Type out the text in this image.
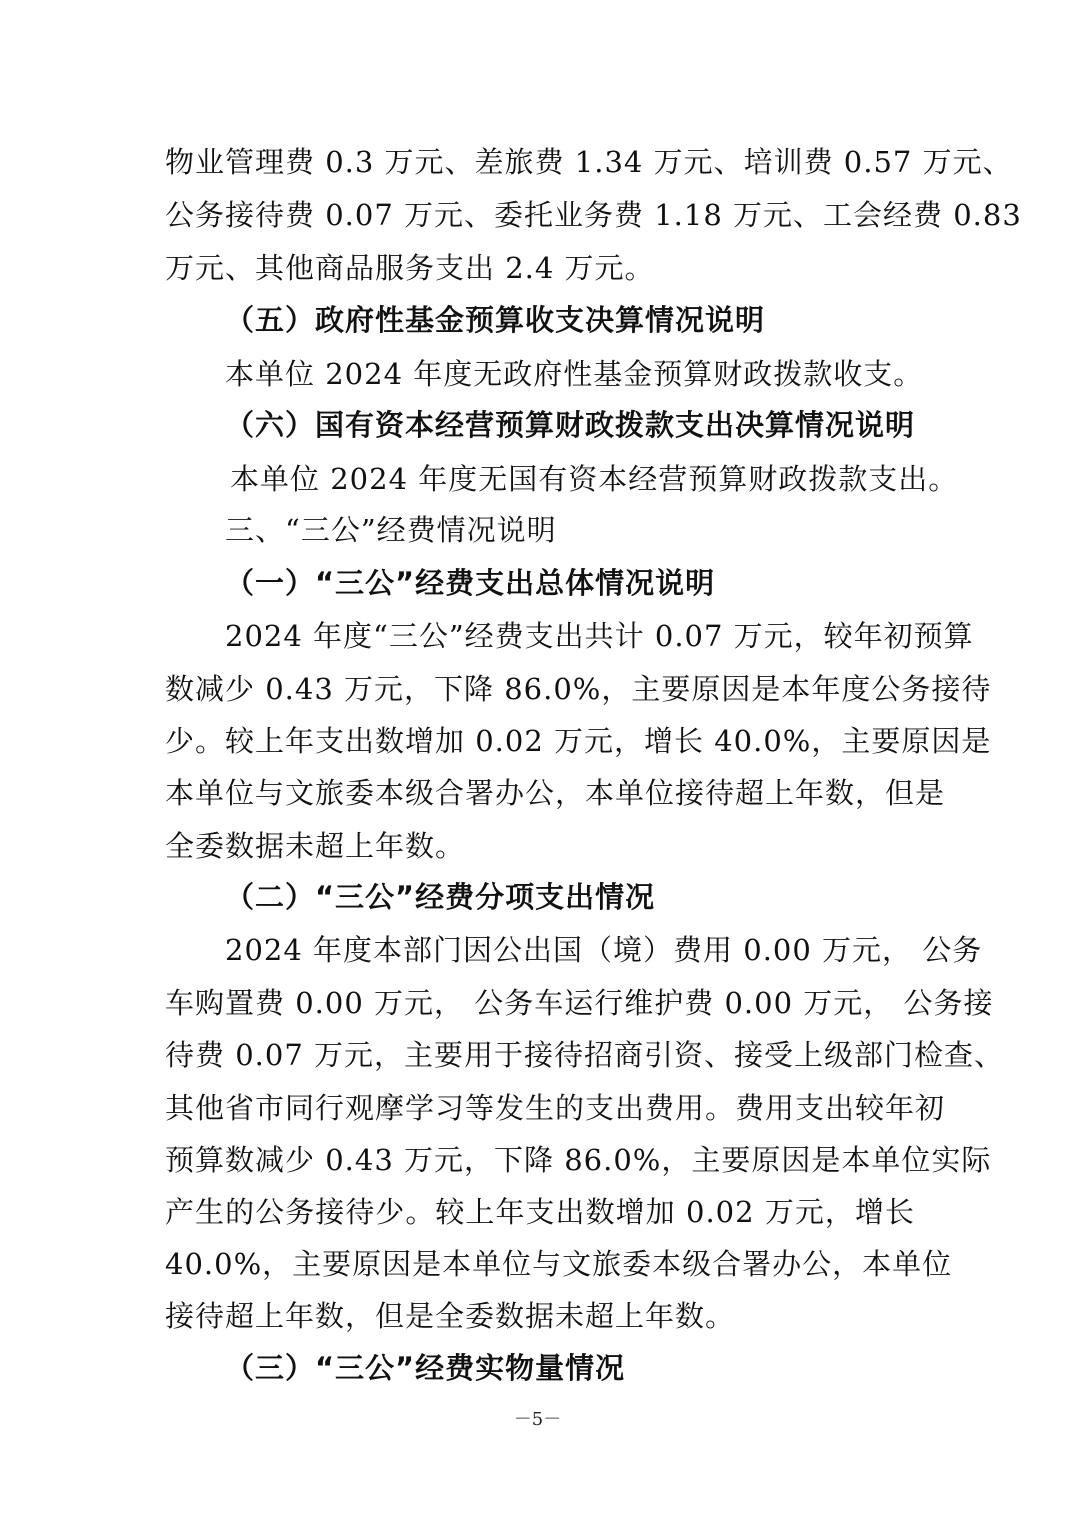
物业管理费 0.3 万元、差旅费 1.34 万元、培训费 0.57 万元、
公务接待费 0.07 万元、委托业务费 1.18 万元、工会经费 0.83
万元、其他商品服务支出 2.4 万元。
（五）政府性基金预算收支决算情况说明
本单位 2024 年度无政府性基金预算财政拨款收支。
（六）国有资本经营预算财政拨款支出决算情况说明
本单位 2024 年度无国有资本经营预算财政拨款支出。
三、“三公”经费情况说明
（一）“三公”经费支出总体情况说明
2024 年度“三公”经费支出共计 0.07 万元，较年初预算
数减少 0.43 万元，下降 86.0%，主要原因是本年度公务接待
少。较上年支出数增加 0.02 万元，增长 40.0%，主要原因是
本单位与文旅委本级合署办公，本单位接待超上年数，但是
全委数据未超上年数。
（二）“三公”经费分项支出情况
2024 年度本部门因公出国（境）费用 0.00 万元， 公务
车购置费 0.00 万元， 公务车运行维护费 0.00 万元， 公务接
待费 0.07 万元，主要用于接待招商引资、接受上级部门检查、
其他省市同行观摩学习等发生的支出费用。费用支出较年初
预算数减少 0.43 万元，下降 86.0%，主要原因是本单位实际
产生的公务接待少。较上年支出数增加 0.02 万元，增长
40.0%，主要原因是本单位与文旅委本级合署办公，本单位
接待超上年数，但是全委数据未超上年数。
（三）“三公”经费实物量情况
－5－
